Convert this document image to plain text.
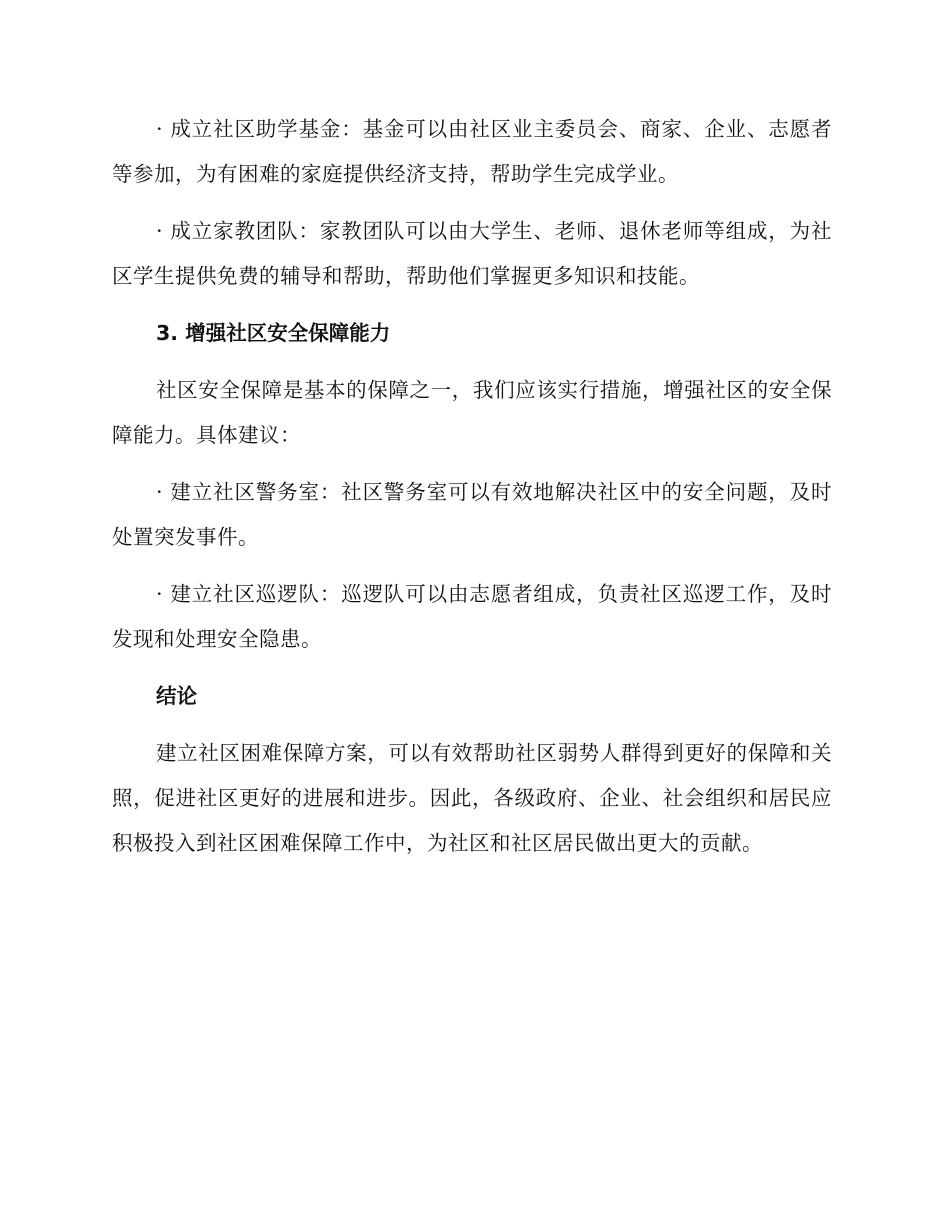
· 成立社区助学基金：基金可以由社区业主委员会、商家、企业、志愿者等参加，为有困难的家庭提供经济支持，帮助学生完成学业。

· 成立家教团队：家教团队可以由大学生、老师、退休老师等组成，为社区学生提供免费的辅导和帮助，帮助他们掌握更多知识和技能。

3. 增强社区安全保障能力

社区安全保障是基本的保障之一，我们应该实行措施，增强社区的安全保障能力。具体建议：

· 建立社区警务室：社区警务室可以有效地解决社区中的安全问题，及时处置突发事件。

· 建立社区巡逻队：巡逻队可以由志愿者组成，负责社区巡逻工作，及时发现和处理安全隐患。

结论

建立社区困难保障方案，可以有效帮助社区弱势人群得到更好的保障和关照，促进社区更好的进展和进步。因此，各级政府、企业、社会组织和居民应积极投入到社区困难保障工作中，为社区和社区居民做出更大的贡献。
